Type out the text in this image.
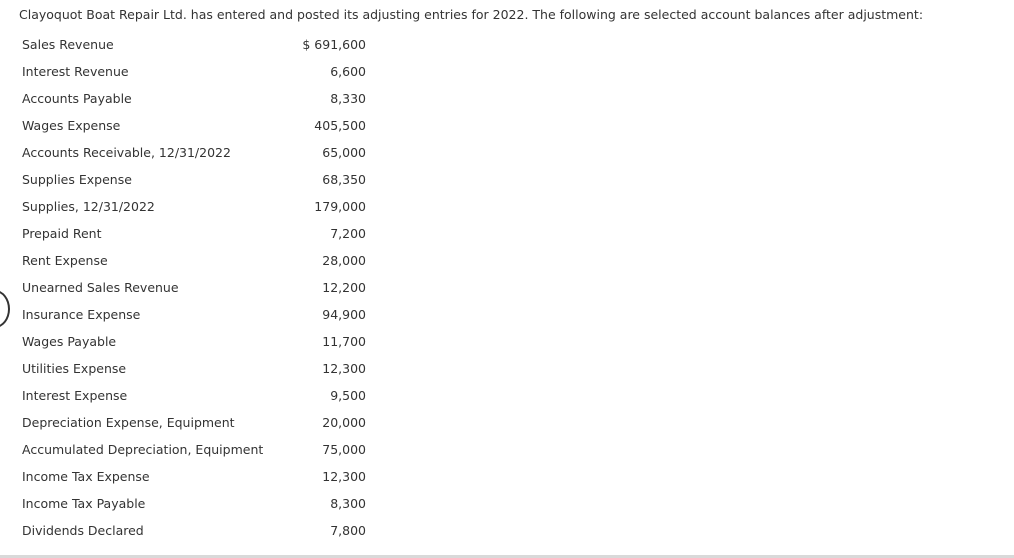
Clayoquot Boat Repair Ltd. has entered and posted its adjusting entries for 2022. The following are selected account balances after adjustment:
Sales Revenue	$ 691,600
Interest Revenue	6,600
Accounts Payable	8,330
Wages Expense	405,500
Accounts Receivable, 12/31/2022	65,000
Supplies Expense	68,350
Supplies, 12/31/2022	179,000
Prepaid Rent	7,200
Rent Expense	28,000
Unearned Sales Revenue	12,200
Insurance Expense	94,900
Wages Payable	11,700
Utilities Expense	12,300
Interest Expense	9,500
Depreciation Expense, Equipment	20,000
Accumulated Depreciation, Equipment	75,000
Income Tax Expense	12,300
Income Tax Payable	8,300
Dividends Declared	7,800
